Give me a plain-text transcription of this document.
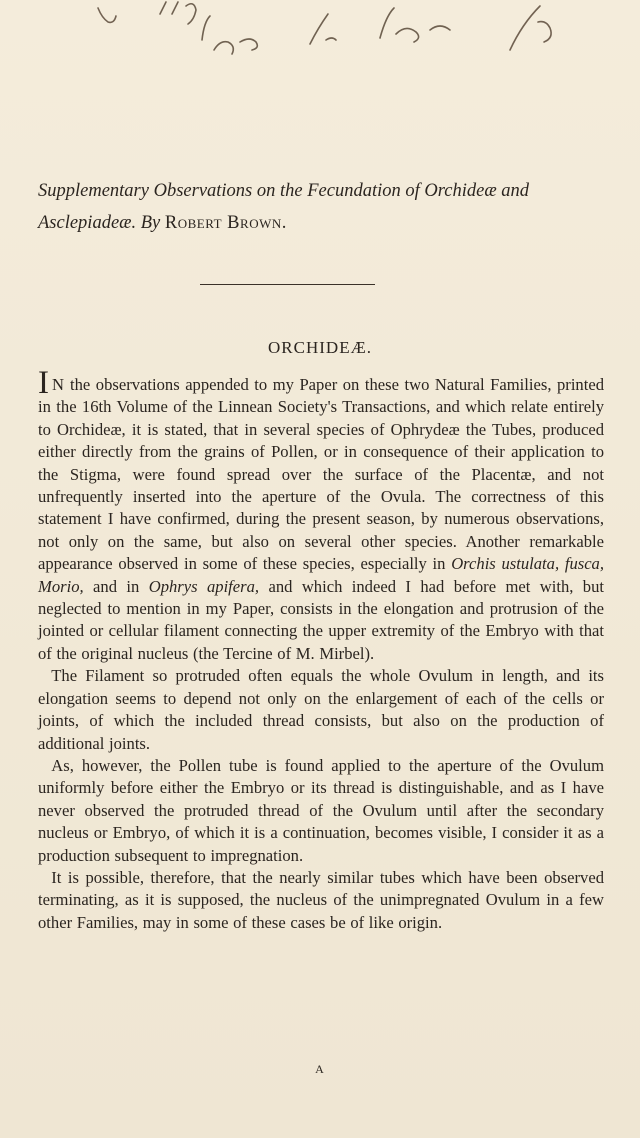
Supplementary Observations on the Fecundation of Orchideæ and Asclepiadeæ. By Robert Brown.
ORCHIDEÆ.

I N the observations appended to my Paper on these two Natural Families, printed in the 16th Volume of the Linnean Society's Transactions, and which relate entirely to Orchideæ, it is stated, that in several species of Ophrydeæ the Tubes, produced either directly from the grains of Pollen, or in consequence of their application to the Stigma, were found spread over the surface of the Placentæ, and not unfrequently inserted into the aperture of the Ovula. The correctness of this statement I have confirmed, during the present season, by numerous observations, not only on the same, but also on several other species. Another remarkable appearance observed in some of these species, especially in Orchis ustulata, fusca, Morio, and in Ophrys apifera, and which indeed I had before met with, but neglected to mention in my Paper, consists in the elongation and protrusion of the jointed or cellular filament connecting the upper extremity of the Embryo with that of the original nucleus (the Tercine of M. Mirbel).

The Filament so protruded often equals the whole Ovulum in length, and its elongation seems to depend not only on the enlargement of each of the cells or joints, of which the included thread consists, but also on the production of additional joints.

As, however, the Pollen tube is found applied to the aperture of the Ovulum uniformly before either the Embryo or its thread is distinguishable, and as I have never observed the protruded thread of the Ovulum until after the secondary nucleus or Embryo, of which it is a continuation, becomes visible, I consider it as a production subsequent to impregnation.

It is possible, therefore, that the nearly similar tubes which have been observed terminating, as it is supposed, the nucleus of the unimpregnated Ovulum in a few other Families, may in some of these cases be of like origin.

A
